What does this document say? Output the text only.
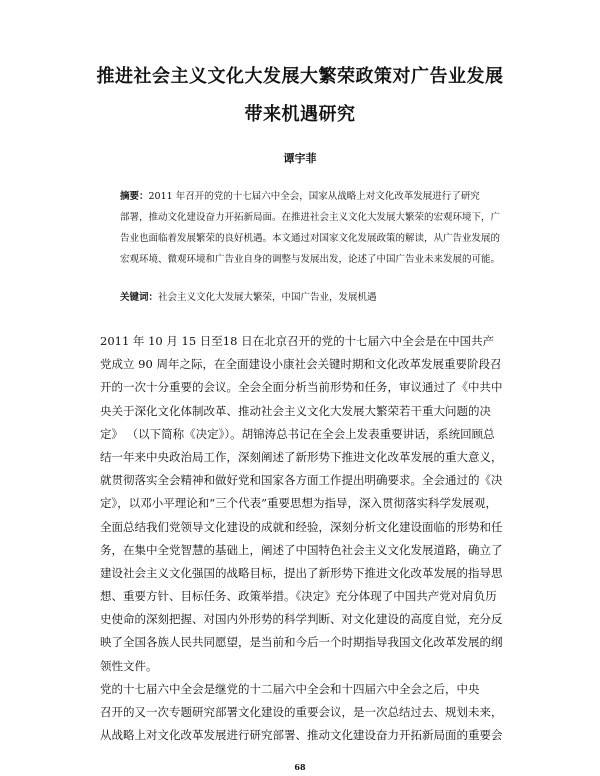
推进社会主义文化大发展大繁荣政策对广告业发展
带来机遇研究
谭宇菲
摘要：2011 年召开的党的十七届六中全会，国家从战略上对文化改革发展进行了研究
部署，推动文化建设奋力开拓新局面。在推进社会主义文化大发展大繁荣的宏观环境下，广
告业也面临着发展繁荣的良好机遇。本文通过对国家文化发展政策的解读，从广告业发展的
宏观环境、微观环境和广告业自身的调整与发展出发，论述了中国广告业未来发展的可能。
关键词：社会主义文化大发展大繁荣，中国广告业，发展机遇
2011 年 10 月 15 日至18 日在北京召开的党的十七届六中全会是在中国共产
党成立 90 周年之际，在全面建设小康社会关键时期和文化改革发展重要阶段召
开的一次十分重要的会议。全会全面分析当前形势和任务，审议通过了《中共中
央关于深化文化体制改革、推动社会主义文化大发展大繁荣若干重大问题的决
定》 （以下简称《决定》）。胡锦涛总书记在全会上发表重要讲话，系统回顾总
结一年来中央政治局工作，深刻阐述了新形势下推进文化改革发展的重大意义，
就贯彻落实全会精神和做好党和国家各方面工作提出明确要求。全会通过的《决
定》，以邓小平理论和“三个代表”重要思想为指导，深入贯彻落实科学发展观，
全面总结我们党领导文化建设的成就和经验，深刻分析文化建设面临的形势和任
务，在集中全党智慧的基础上，阐述了中国特色社会主义文化发展道路，确立了
建设社会主义文化强国的战略目标，提出了新形势下推进文化改革发展的指导思
想、重要方针、目标任务、政策举措。《决定》充分体现了中国共产党对肩负历
史使命的深刻把握、对国内外形势的科学判断、对文化建设的高度自觉，充分反
映了全国各族人民共同愿望，是当前和今后一个时期指导我国文化改革发展的纲
领性文件。
党的十七届六中全会是继党的十二届六中全会和十四届六中全会之后，中央
召开的又一次专题研究部署文化建设的重要会议，是一次总结过去、规划未来，
从战略上对文化改革发展进行研究部署、推动文化建设奋力开拓新局面的重要会
68
